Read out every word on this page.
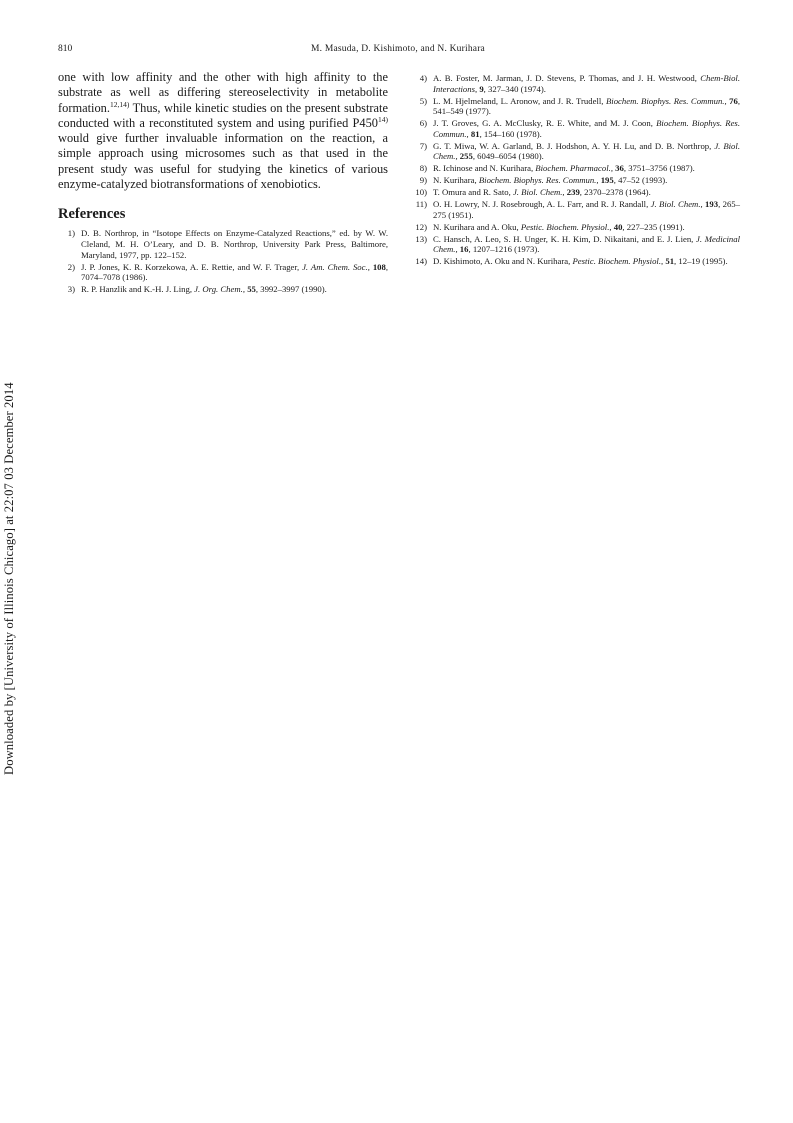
810	M. Masuda, D. Kishimoto, and N. Kurihara

one with low affinity and the other with high affinity to the substrate as well as differing stereoselectivity in metabolite formation.$^{12,14)}$ Thus, while kinetic studies on the present substrate conducted with a reconstituted system and using purified P450$^{14)}$ would give further invaluable information on the reaction, a simple approach using microsomes such as that used in the present study was useful for studying the kinetics of various enzyme-catalyzed biotransformations of xenobiotics.

References
1) D. B. Northrop, in “Isotope Effects on Enzyme-Catalyzed Reactions,” ed. by W. W. Cleland, M. H. O’Leary, and D. B. Northrop, University Park Press, Baltimore, Maryland, 1977, pp. 122–152.
2) J. P. Jones, K. R. Korzekowa, A. E. Rettie, and W. F. Trager, J. Am. Chem. Soc., 108, 7074–7078 (1986).
3) R. P. Hanzlik and K.-H. J. Ling, J. Org. Chem., 55, 3992–3997 (1990).
4) A. B. Foster, M. Jarman, J. D. Stevens, P. Thomas, and J. H. Westwood, Chem-Biol. Interactions, 9, 327–340 (1974).
5) L. M. Hjelmeland, L. Aronow, and J. R. Trudell, Biochem. Biophys. Res. Commun., 76, 541–549 (1977).
6) J. T. Groves, G. A. McClusky, R. E. White, and M. J. Coon, Biochem. Biophys. Res. Commun., 81, 154–160 (1978).
7) G. T. Miwa, W. A. Garland, B. J. Hodshon, A. Y. H. Lu, and D. B. Northrop, J. Biol. Chem., 255, 6049–6054 (1980).
8) R. Ichinose and N. Kurihara, Biochem. Pharmacol., 36, 3751–3756 (1987).
9) N. Kurihara, Biochem. Biophys. Res. Commun., 195, 47–52 (1993).
10) T. Omura and R. Sato, J. Biol. Chem., 239, 2370–2378 (1964).
11) O. H. Lowry, N. J. Rosebrough, A. L. Farr, and R. J. Randall, J. Biol. Chem., 193, 265–275 (1951).
12) N. Kurihara and A. Oku, Pestic. Biochem. Physiol., 40, 227–235 (1991).
13) C. Hansch, A. Leo, S. H. Unger, K. H. Kim, D. Nikaitani, and E. J. Lien, J. Medicinal Chem., 16, 1207–1216 (1973).
14) D. Kishimoto, A. Oku and N. Kurihara, Pestic. Biochem. Physiol., 51, 12–19 (1995).
Downloaded by [University of Illinois Chicago] at 22:07 03 December 2014
